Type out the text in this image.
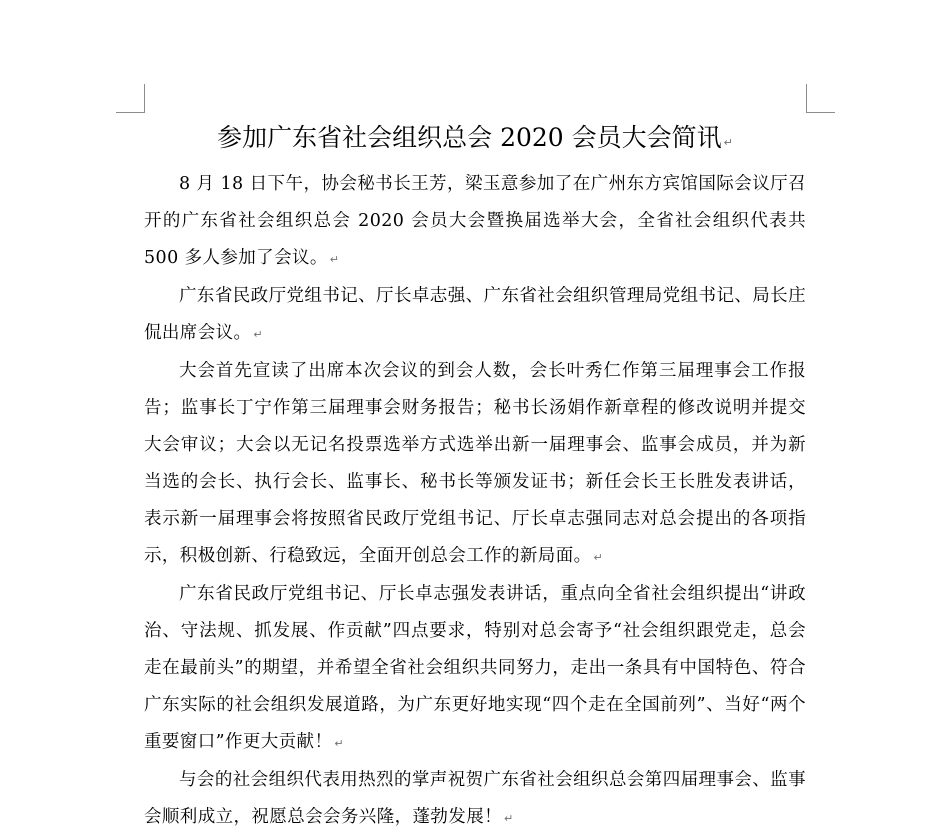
参加广东省社会组织总会 2020 会员大会简讯 ↵

8 月 18 日下午，协会秘书长王芳，梁玉意参加了在广州东方宾馆国际会议厅召开的广东省社会组织总会 2020 会员大会暨换届选举大会，全省社会组织代表共 500 多人参加了会议。 ↵

广东省民政厅党组书记、厅长卓志强、广东省社会组织管理局党组书记、局长庄侃出席会议。 ↵

大会首先宣读了出席本次会议的到会人数，会长叶秀仁作第三届理事会工作报告；监事长丁宁作第三届理事会财务报告；秘书长汤娟作新章程的修改说明并提交大会审议；大会以无记名投票选举方式选举出新一届理事会、监事会成员，并为新当选的会长、执行会长、监事长、秘书长等颁发证书；新任会长王长胜发表讲话，表示新一届理事会将按照省民政厅党组书记、厅长卓志强同志对总会提出的各项指示，积极创新、行稳致远，全面开创总会工作的新局面。 ↵

广东省民政厅党组书记、厅长卓志强发表讲话，重点向全省社会组织提出“讲政治、守法规、抓发展、作贡献”四点要求，特别对总会寄予“社会组织跟党走，总会走在最前头”的期望，并希望全省社会组织共同努力，走出一条具有中国特色、符合广东实际的社会组织发展道路，为广东更好地实现“四个走在全国前列”、当好“两个重要窗口”作更大贡献！ ↵

与会的社会组织代表用热烈的掌声祝贺广东省社会组织总会第四届理事会、监事会顺利成立，祝愿总会会务兴隆，蓬勃发展！ ↵
